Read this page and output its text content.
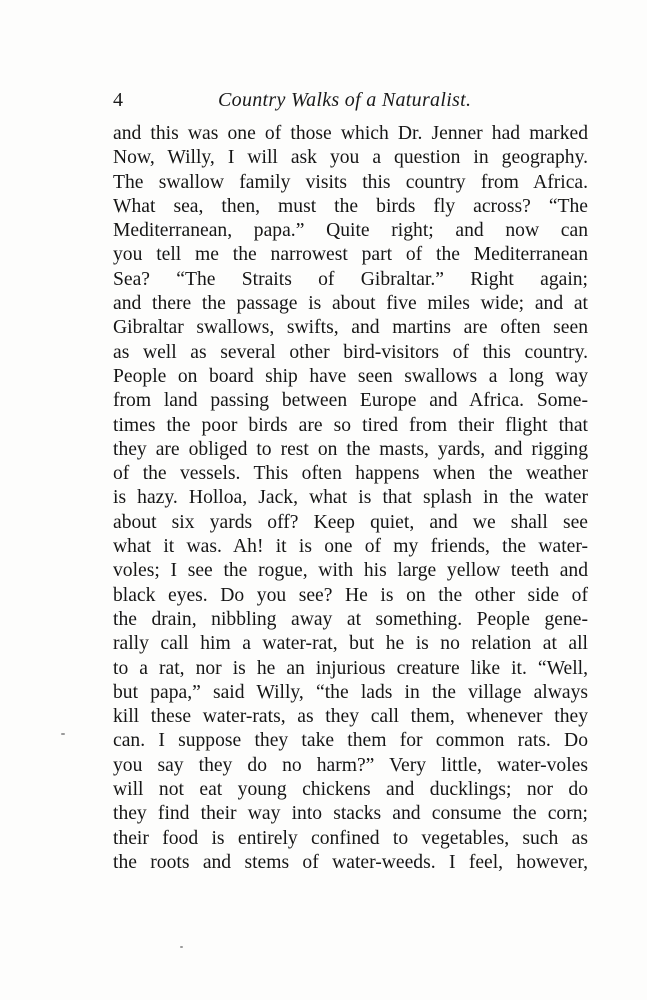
4	Country Walks of a Naturalist.
and this was one of those which Dr. Jenner had marked
Now, Willy, I will ask you a question in geography.
The swallow family visits this country from Africa.
What sea, then, must the birds fly across? “The
Mediterranean, papa.” Quite right; and now can
you tell me the narrowest part of the Mediterranean
Sea? “The Straits of Gibraltar.” Right again;
and there the passage is about five miles wide; and at
Gibraltar swallows, swifts, and martins are often seen
as well as several other bird-visitors of this country.
People on board ship have seen swallows a long way
from land passing between Europe and Africa. Some-
times the poor birds are so tired from their flight that
they are obliged to rest on the masts, yards, and rigging
of the vessels. This often happens when the weather
is hazy. Holloa, Jack, what is that splash in the water
about six yards off? Keep quiet, and we shall see
what it was. Ah! it is one of my friends, the water-
voles; I see the rogue, with his large yellow teeth and
black eyes. Do you see? He is on the other side of
the drain, nibbling away at something. People gene-
rally call him a water-rat, but he is no relation at all
to a rat, nor is he an injurious creature like it. “Well,
but papa,” said Willy, “the lads in the village always
kill these water-rats, as they call them, whenever they
can. I suppose they take them for common rats. Do
you say they do no harm?” Very little, water-voles
will not eat young chickens and ducklings; nor do
they find their way into stacks and consume the corn;
their food is entirely confined to vegetables, such as
the roots and stems of water-weeds. I feel, however,
